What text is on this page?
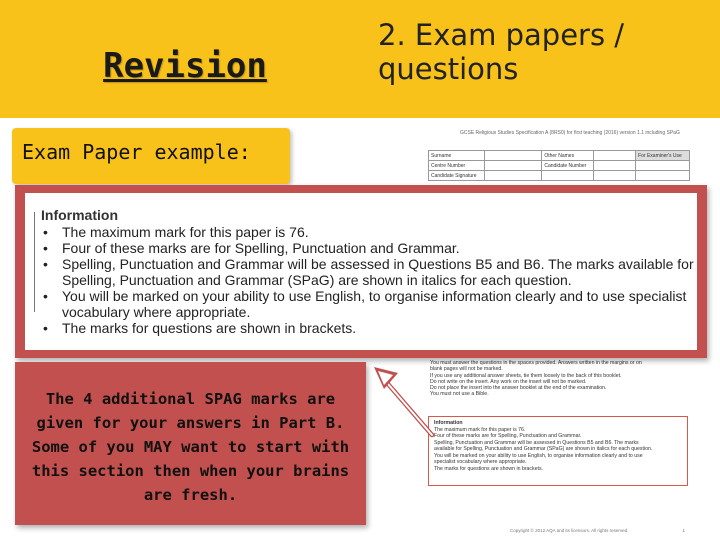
Revision
2. Exam papers /
questions
Exam Paper example:
GCSE Religious Studies Specification A (8RS0) for first teaching (2016) version 1.1 including SPaG
Surname		Other Names		For Examiner's Use
Centre Number		Candidate Number		
Candidate Signature				
You must answer the questions in the spaces provided. Answers written in the margins or on
blank pages will not be marked.
If you use any additional answer sheets, tie them loosely to the back of this booklet.
Do not write on the insert. Any work on the insert will not be marked.
Do not place the insert into the answer booklet at the end of the examination.
You must not use a Bible.
Information
The maximum mark for this paper is 76.
Four of these marks are for Spelling, Punctuation and Grammar.
Spelling, Punctuation and Grammar will be assessed in Questions B5 and B6. The marks
available for Spelling, Punctuation and Grammar (SPaG) are shown in italics for each question.
You will be marked on your ability to use English, to organise information clearly and to use
specialist vocabulary where appropriate.
The marks for questions are shown in brackets.
Copyright © 2012 AQA and its licensors. All rights reserved.	1
Information
• The maximum mark for this paper is 76.
• Four of these marks are for Spelling, Punctuation and Grammar.
• Spelling, Punctuation and Grammar will be assessed in Questions B5 and B6. The marks available for Spelling, Punctuation and Grammar (SPaG) are shown in italics for each question.
• You will be marked on your ability to use English, to organise information clearly and to use specialist vocabulary where appropriate.
• The marks for questions are shown in brackets.
The 4 additional SPAG marks are given for your answers in Part B. Some of you MAY want to start with this section then when your brains are fresh.
